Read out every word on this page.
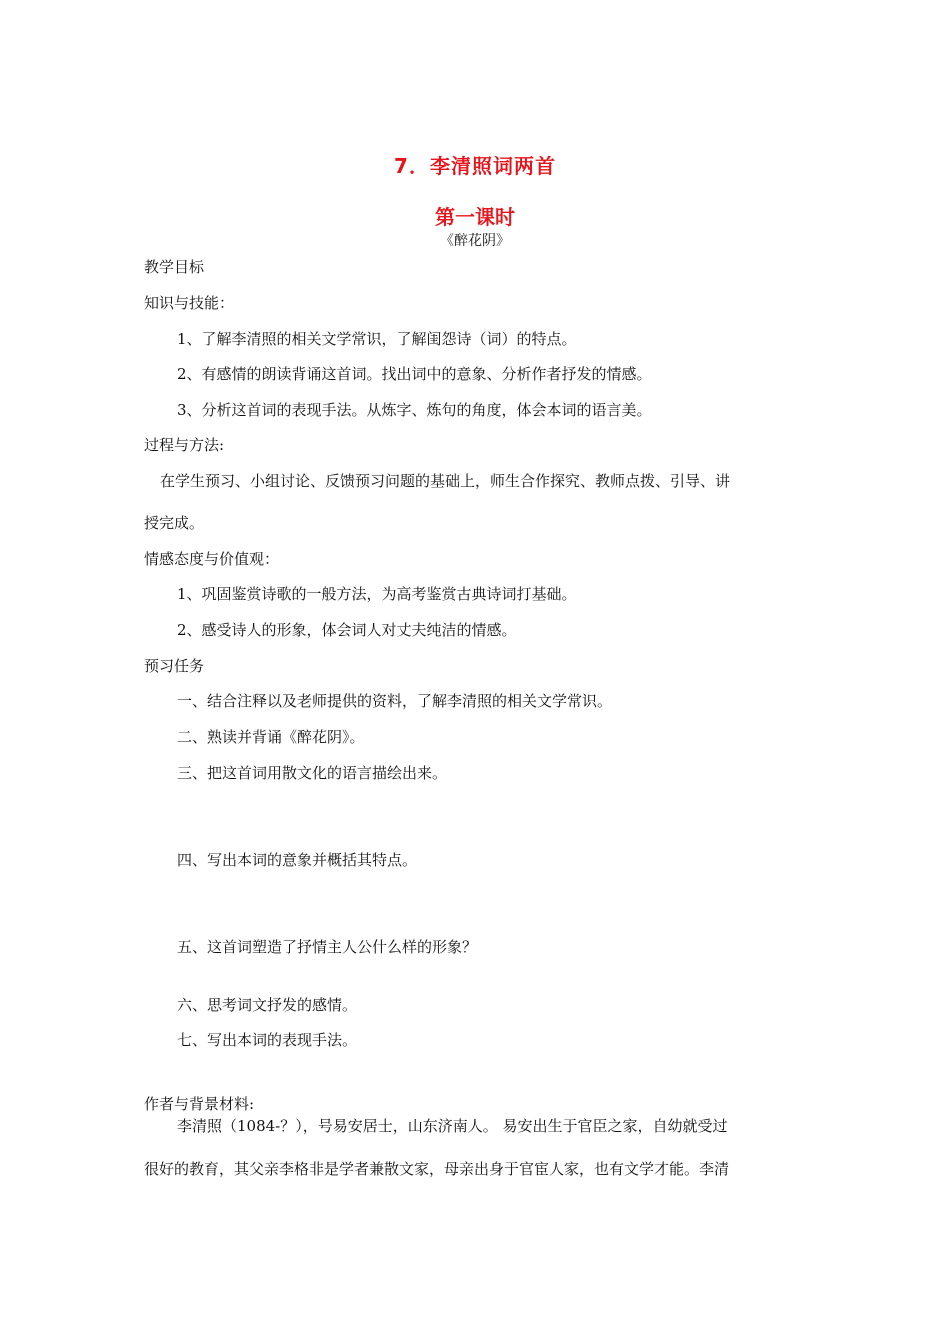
7．李清照词两首
第一课时
《醉花阴》
教学目标
知识与技能：
1、了解李清照的相关文学常识，了解闺怨诗（词）的特点。
2、有感情的朗读背诵这首词。找出词中的意象、分析作者抒发的情感。
3、分析这首词的表现手法。从炼字、炼句的角度，体会本词的语言美。
过程与方法:
在学生预习、小组讨论、反馈预习问题的基础上，师生合作探究、教师点拨、引导、讲
授完成。
情感态度与价值观：
1、巩固鉴赏诗歌的一般方法，为高考鉴赏古典诗词打基础。
2、感受诗人的形象，体会词人对丈夫纯洁的情感。
预习任务
一、结合注释以及老师提供的资料，了解李清照的相关文学常识。
二、熟读并背诵《醉花阴》。
三、把这首词用散文化的语言描绘出来。
四、写出本词的意象并概括其特点。
五、这首词塑造了抒情主人公什么样的形象？
六、思考词文抒发的感情。
七、写出本词的表现手法。
作者与背景材料:
李清照（1084-？），号易安居士，山东济南人。 易安出生于官臣之家，自幼就受过
很好的教育，其父亲李格非是学者兼散文家，母亲出身于官宦人家，也有文学才能。李清
